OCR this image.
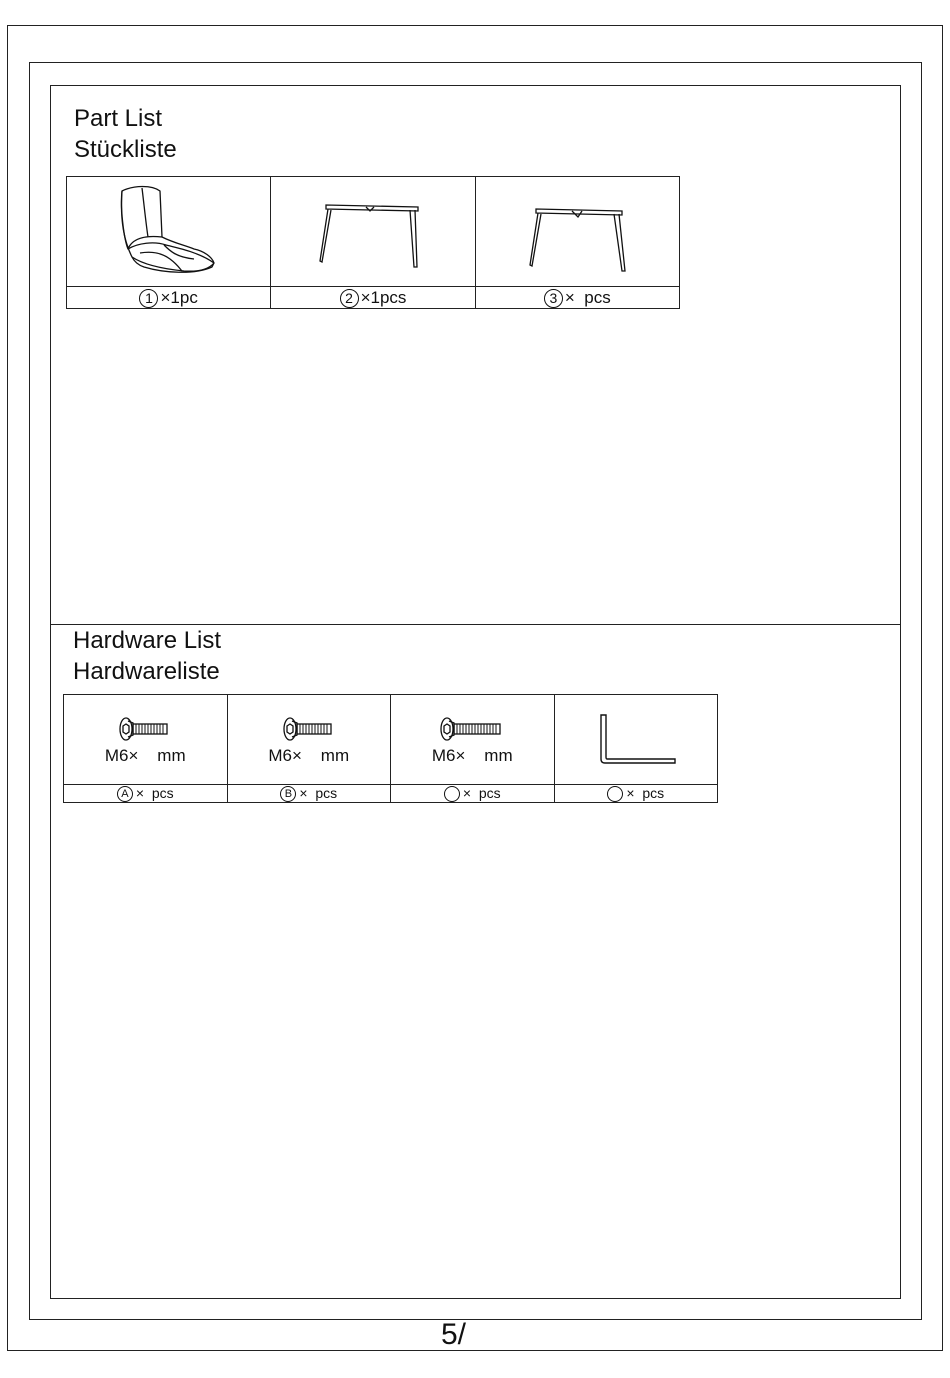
Part List
Stückliste

1 ×1pc	2 ×1pcs	3 ×  pcs
Hardware List
Hardwareliste
M6×    mm	M6×    mm	M6×    mm

A ×  pcs	B ×  pcs	×  pcs	×  pcs
5/
